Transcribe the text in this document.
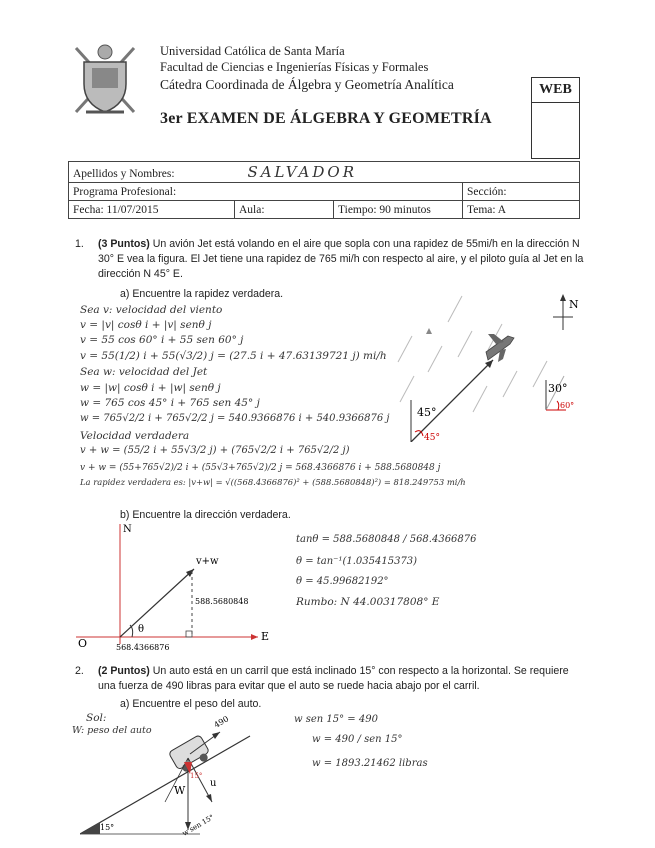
Universidad Católica de Santa María
Facultad de Ciencias e Ingenierías Físicas y Formales
Cátedra Coordinada de Álgebra y Geometría Analítica
3er EXAMEN DE ÁLGEBRA Y GEOMETRÍA
WEB
Apellidos y Nombres: SALVADOR			
Programa Profesional:			Sección:
Fecha: 11/07/2015	Aula:	Tiempo: 90 minutos	Tema: A
1. (3 Puntos) Un avión Jet está volando en el aire que sopla con una rapidez de 55mi/h en la dirección N 30° E vea la figura. El Jet tiene una rapidez de 765 mi/h con respecto al aire, y el piloto guía al Jet en la dirección N 45° E.
a) Encuentre la rapidez verdadera.
Sea v: velocidad del viento
v = |v| cosθ i + |v| senθ j
v = 55 cos 60° i + 55 sen 60° j
v = 55(1/2) i + 55(√3/2) j = (27.5 i + 47.63139721 j) mi/h
Sea w: velocidad del Jet
w = |w| cosθ i + |w| senθ j
w = 765 cos 45° i + 765 sen 45° j
w = 765√2/2 i + 765√2/2 j = 540.9366876 i + 540.9366876 j
Velocidad verdadera
v + w = (55/2 i + 55√3/2 j) + (765√2/2 i + 765√2/2 j)
v + w = (55+765√2)/2 i + (55√3+765√2)/2 j = 568.4366876 i + 588.5680848 j
La rapidez verdadera es: |v+w| = √((568.4366876)² + (588.5680848)²) = 818.249753 mi/h
N
30°
45°
45°
60°
b) Encuentre la dirección verdadera.
N
E
O
v+w
θ
588.5680848
568.4366876
tanθ = 588.5680848 / 568.4366876
θ = tan⁻¹(1.035415373)
θ = 45.99682192°
Rumbo: N 44.00317808° E
2. (2 Puntos) Un auto está en un carril que está inclinado 15° con respecto a la horizontal. Se requiere una fuerza de 490 libras para evitar que el auto se ruede hacia abajo por el carril.
a) Encuentre el peso del auto.
Sol:
W: peso del auto
490
15°
15°
W
u
w sen 15°
w sen 15° = 490
w = 490 / sen 15°
w = 1893.21462 libras
